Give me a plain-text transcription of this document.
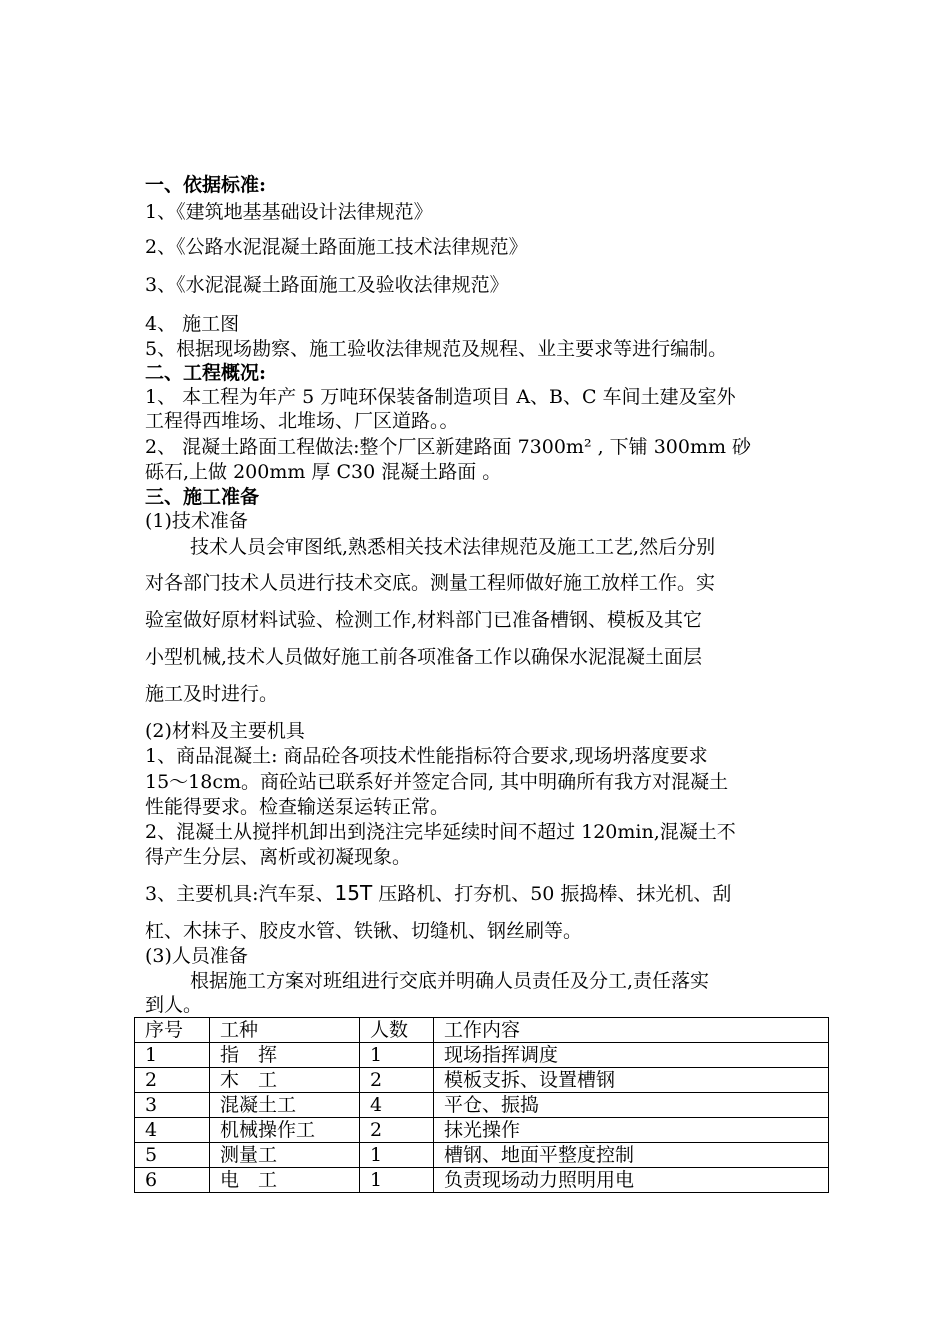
一、依据标准:
1、《建筑地基基础设计法律规范》
2、《公路水泥混凝土路面施工技术法律规范》
3、《水泥混凝土路面施工及验收法律规范》
4、 施工图
5、根据现场勘察、施工验收法律规范及规程、业主要求等进行编制。
二、工程概况:
1、 本工程为年产 5 万吨环保装备制造项目 A、B、C 车间土建及室外
工程得西堆场、北堆场、厂区道路。。
2、 混凝土路面工程做法:整个厂区新建路面 7300m² , 下铺 300mm 砂
砾石,上做 200mm 厚 C30 混凝土路面 。
三、施工准备
(1)技术准备
技术人员会审图纸,熟悉相关技术法律规范及施工工艺,然后分别
对各部门技术人员进行技术交底。测量工程师做好施工放样工作。实
验室做好原材料试验、检测工作,材料部门已准备槽钢、模板及其它
小型机械,技术人员做好施工前各项准备工作以确保水泥混凝土面层
施工及时进行。
(2)材料及主要机具
1、商品混凝土: 商品砼各项技术性能指标符合要求,现场坍落度要求
15～18cm。商砼站已联系好并签定合同, 其中明确所有我方对混凝土
性能得要求。检查输送泵运转正常。
2、混凝土从搅拌机卸出到浇注完毕延续时间不超过 120min,混凝土不
得产生分层、离析或初凝现象。
3、主要机具:汽车泵、15T 压路机、打夯机、50 振捣棒、抹光机、刮
杠、木抹子、胶皮水管、铁锹、切缝机、钢丝刷等。
(3)人员准备
根据施工方案对班组进行交底并明确人员责任及分工,责任落实
到人。
序号	工种	人数	工作内容
1	指　挥	1	现场指挥调度
2	木　工	2	模板支拆、设置槽钢
3	混凝土工	4	平仓、振捣
4	机械操作工	2	抹光操作
5	测量工	1	槽钢、地面平整度控制
6	电　工	1	负责现场动力照明用电
